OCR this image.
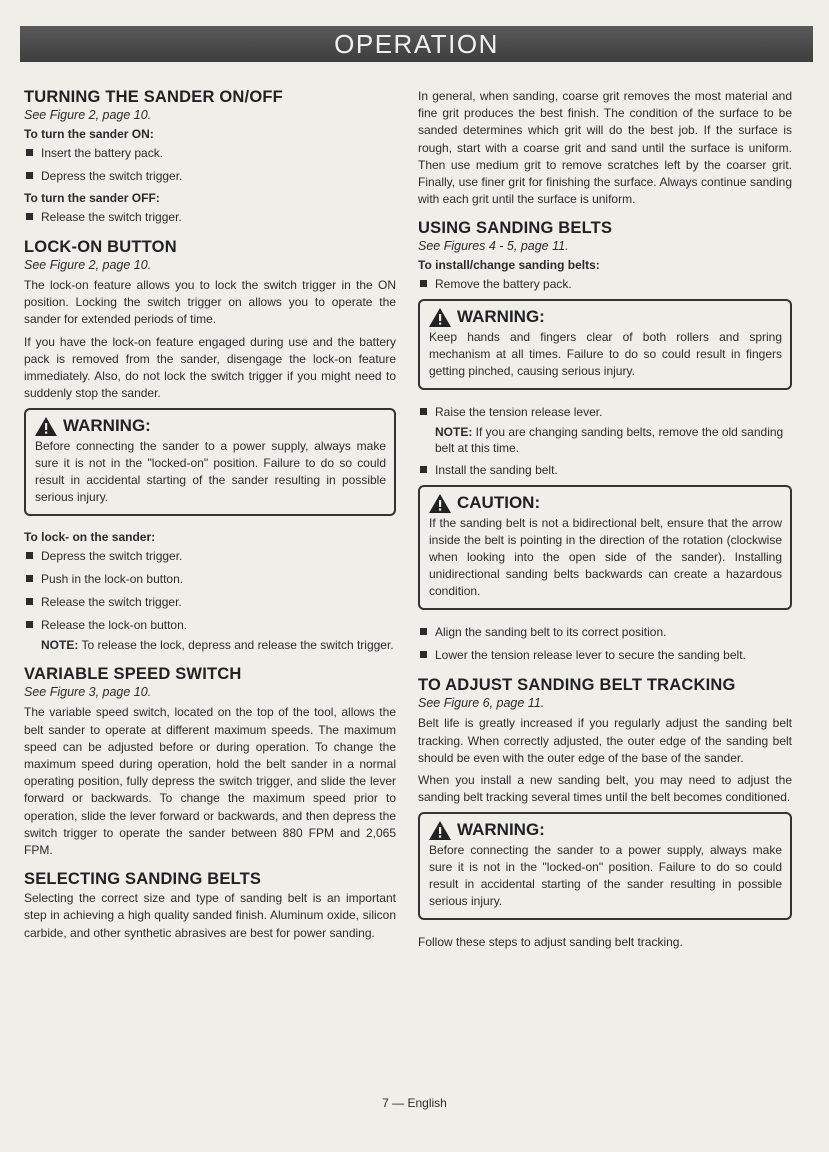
OPERATION
TURNING THE SANDER ON/OFF
See Figure 2, page 10.
To turn the sander ON:
Insert the battery pack.
Depress the switch trigger.
To turn the sander OFF:
Release the switch trigger.
LOCK-ON BUTTON
See Figure 2, page 10.

The lock-on feature allows you to lock the switch trigger in the ON position. Locking the switch trigger on allows you to operate the sander for extended periods of time.

If you have the lock-on feature engaged during use and the battery pack is removed from the sander, disengage the lock-on feature immediately. Also, do not lock the switch trigger if you might need to suddenly stop the sander.

WARNING:

Before connecting the sander to a power supply, always make sure it is not in the "locked-on" position. Failure to do so could result in accidental starting of the sander resulting in possible serious injury.

To lock- on the sander:
Depress the switch trigger.
Push in the lock-on button.
Release the switch trigger.
Release the lock-on button.
NOTE: To release the lock, depress and release the switch trigger.
VARIABLE SPEED SWITCH
See Figure 3, page 10.

The variable speed switch, located on the top of the tool, allows the belt sander to operate at different maximum speeds. The maximum speed can be adjusted before or during operation. To change the maximum speed during operation, hold the belt sander in a normal operating position, fully depress the switch trigger, and slide the lever forward or backwards. To change the maximum speed prior to operation, slide the lever forward or backwards, and then depress the switch trigger to operate the sander between 880 FPM and 2,065 FPM.

SELECTING SANDING BELTS

Selecting the correct size and type of sanding belt is an important step in achieving a high quality sanded finish. Aluminum oxide, silicon carbide, and other synthetic abrasives are best for power sanding.

In general, when sanding, coarse grit removes the most material and fine grit produces the best finish. The condition of the surface to be sanded determines which grit will do the best job. If the surface is rough, start with a coarse grit and sand until the surface is uniform. Then use medium grit to remove scratches left by the coarser grit. Finally, use finer grit for finishing the surface. Always continue sanding with each grit until the surface is uniform.

USING SANDING BELTS
See Figures 4 - 5, page 11.
To install/change sanding belts:
Remove the battery pack.
WARNING:

Keep hands and fingers clear of both rollers and spring mechanism at all times. Failure to do so could result in fingers getting pinched, causing serious injury.

Raise the tension release lever.
NOTE: If you are changing sanding belts, remove the old sanding belt at this time.
Install the sanding belt.
CAUTION:

If the sanding belt is not a bidirectional belt, ensure that the arrow inside the belt is pointing in the direction of the rotation (clockwise when looking into the open side of the sander). Installing unidirectional sanding belts backwards can create a hazardous condition.

Align the sanding belt to its correct position.
Lower the tension release lever to secure the sanding belt.
TO ADJUST SANDING BELT TRACKING
See Figure 6, page 11.

Belt life is greatly increased if you regularly adjust the sanding belt tracking. When correctly adjusted, the outer edge of the sanding belt should be even with the outer edge of the base of the sander.

When you install a new sanding belt, you may need to adjust the sanding belt tracking several times until the belt becomes conditioned.

WARNING:

Before connecting the sander to a power supply, always make sure it is not in the "locked-on" position. Failure to do so could result in accidental starting of the sander resulting in possible serious injury.

Follow these steps to adjust sanding belt tracking.

7 — English
